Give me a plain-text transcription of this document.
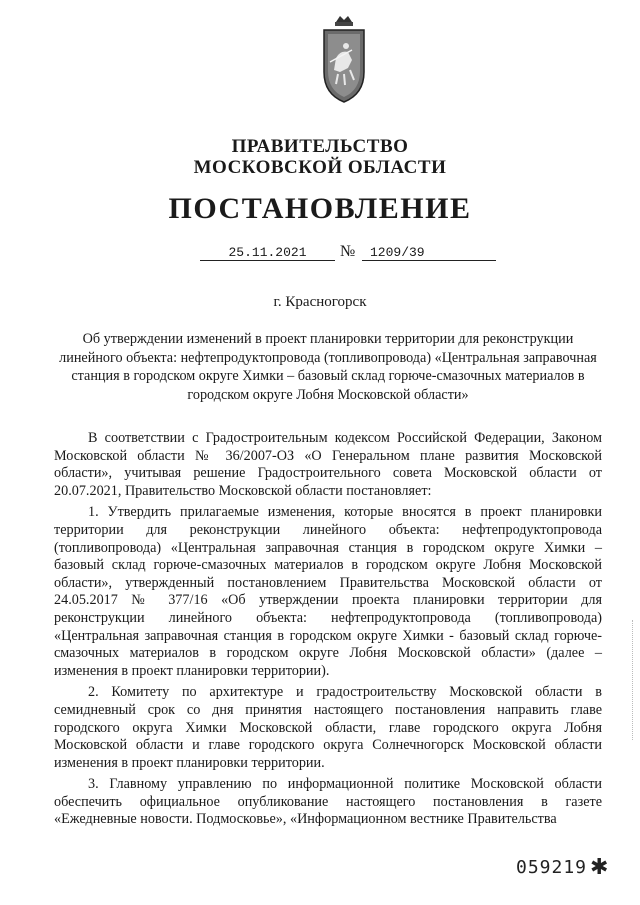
ПРАВИТЕЛЬСТВО
МОСКОВСКОЙ ОБЛАСТИ
ПОСТАНОВЛЕНИЕ
25.11.2021	№	1209/39
г. Красногорск
Об утверждении изменений в проект планировки территории для реконструкции линейного объекта: нефтепродуктопровода (топливопровода) «Центральная заправочная станция в городском округе Химки – базовый склад горюче-смазочных материалов в городском округе Лобня Московской области»

В соответствии с Градостроительным кодексом Российской Федерации, Законом Московской области № 36/2007-ОЗ «О Генеральном плане развития Московской области», учитывая решение Градостроительного совета Московской области от 20.07.2021, Правительство Московской области постановляет:

1. Утвердить прилагаемые изменения, которые вносятся в проект планировки территории для реконструкции линейного объекта: нефтепродуктопровода (топливопровода) «Центральная заправочная станция в городском округе Химки – базовый склад горюче-смазочных материалов в городском округе Лобня Московской области», утвержденный постановлением Правительства Московской области от 24.05.2017 № 377/16 «Об утверждении проекта планировки территории для реконструкции линейного объекта: нефтепродуктопровода (топливопровода) «Центральная заправочная станция в городском округе Химки - базовый склад горюче-смазочных материалов в городском округе Лобня Московской области» (далее – изменения в проект планировки территории).

2. Комитету по архитектуре и градостроительству Московской области в семидневный срок со дня принятия настоящего постановления направить главе городского округа Химки Московской области, главе городского округа Лобня Московской области и главе городского округа Солнечногорск Московской области изменения в проект планировки территории.

3. Главному управлению по информационной политике Московской области обеспечить официальное опубликование настоящего постановления в газете «Ежедневные новости. Подмосковье», «Информационном вестнике Правительства

059219 ✱
